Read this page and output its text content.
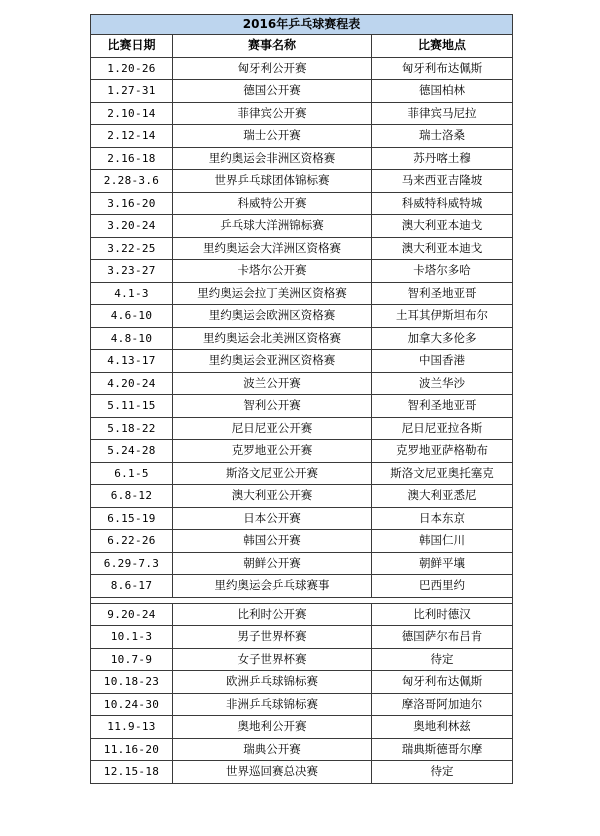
2016年乒乓球赛程表		
比赛日期	赛事名称	比赛地点
1.20-26	匈牙利公开赛	匈牙利布达佩斯
1.27-31	德国公开赛	德国柏林
2.10-14	菲律宾公开赛	菲律宾马尼拉
2.12-14	瑞士公开赛	瑞士洛桑
2.16-18	里约奥运会非洲区资格赛	苏丹喀土穆
2.28-3.6	世界乒乓球团体锦标赛	马来西亚吉隆坡
3.16-20	科威特公开赛	科威特科威特城
3.20-24	乒乓球大洋洲锦标赛	澳大利亚本迪戈
3.22-25	里约奥运会大洋洲区资格赛	澳大利亚本迪戈
3.23-27	卡塔尔公开赛	卡塔尔多哈
4.1-3	里约奥运会拉丁美洲区资格赛	智利圣地亚哥
4.6-10	里约奥运会欧洲区资格赛	土耳其伊斯坦布尔
4.8-10	里约奥运会北美洲区资格赛	加拿大多伦多
4.13-17	里约奥运会亚洲区资格赛	中国香港
4.20-24	波兰公开赛	波兰华沙
5.11-15	智利公开赛	智利圣地亚哥
5.18-22	尼日尼亚公开赛	尼日尼亚拉各斯
5.24-28	克罗地亚公开赛	克罗地亚萨格勒布
6.1-5	斯洛文尼亚公开赛	斯洛文尼亚奥托塞克
6.8-12	澳大利亚公开赛	澳大利亚悉尼
6.15-19	日本公开赛	日本东京
6.22-26	韩国公开赛	韩国仁川
6.29-7.3	朝鲜公开赛	朝鲜平壤
8.6-17	里约奥运会乒乓球赛事	巴西里约

9.20-24	比利时公开赛	比利时德汉
10.1-3	男子世界杯赛	德国萨尔布吕肯
10.7-9	女子世界杯赛	待定
10.18-23	欧洲乒乓球锦标赛	匈牙利布达佩斯
10.24-30	非洲乒乓球锦标赛	摩洛哥阿加迪尔
11.9-13	奥地利公开赛	奥地利林兹
11.16-20	瑞典公开赛	瑞典斯德哥尔摩
12.15-18	世界巡回赛总决赛	待定
